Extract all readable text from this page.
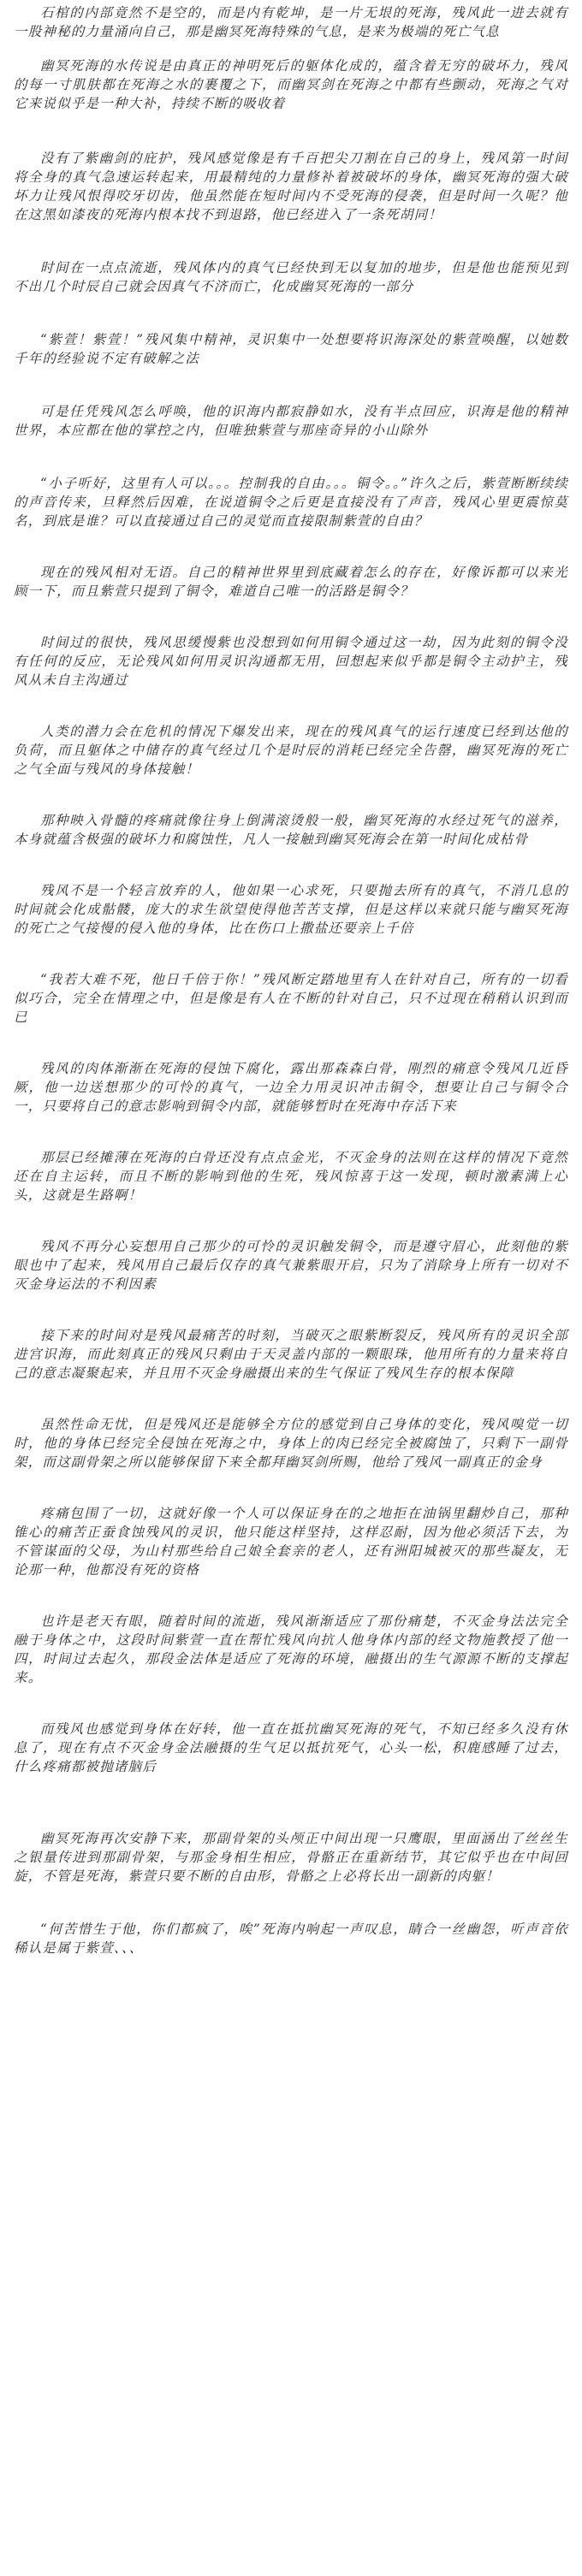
石棺的内部竟然不是空的，而是内有乾坤，是一片无垠的死海，残风此一进去就有一股神秘的力量涌向自己，那是幽冥死海特殊的气息，是来为极端的死亡气息

幽冥死海的水传说是由真正的神明死后的躯体化成的，蕴含着无穷的破坏力，残风的每一寸肌肤都在死海之水的裹覆之下，而幽冥剑在死海之中都有些颤动，死海之气对它来说似乎是一种大补，持续不断的吸收着

没有了紫幽剑的庇护，残风感觉像是有千百把尖刀割在自己的身上，残风第一时间将全身的真气急速运转起来，用最精纯的力量修补着被破坏的身体，幽冥死海的强大破坏力让残风恨得咬牙切齿，他虽然能在短时间内不受死海的侵袭，但是时间一久呢？他在这黑如漆夜的死海内根本找不到退路，他已经进入了一条死胡同！

时间在一点点流逝，残风体内的真气已经快到无以复加的地步，但是他也能预见到不出几个时辰自己就会因真气不济而亡，化成幽冥死海的一部分

“紫萱！紫萱！”残风集中精神，灵识集中一处想要将识海深处的紫萱唤醒，以她数千年的经验说不定有破解之法

可是任凭残风怎么呼唤，他的识海内都寂静如水，没有半点回应，识海是他的精神世界，本应都在他的掌控之内，但唯独紫萱与那座奇异的小山除外

“小子听好，这里有人可以。。。控制我的自由。。。铜令。。”许久之后，紫萱断断续续的声音传来，旦释然后因难，在说道铜令之后更是直接没有了声音，残风心里更震惊莫名，到底是谁？可以直接通过自己的灵觉而直接限制紫萱的自由？

现在的残风相对无语。自己的精神世界里到底藏着怎么的存在，好像诉都可以来光顾一下，而且紫萱只提到了铜令，难道自己唯一的活路是铜令？

时间过的很快，残风思缓慢紫也没想到如何用铜令通过这一劫，因为此刻的铜令没有任何的反应，无论残风如何用灵识沟通都无用，回想起来似乎都是铜令主动护主，残风从未自主沟通过

人类的潜力会在危机的情况下爆发出来，现在的残风真气的运行速度已经到达他的负荷，而且躯体之中储存的真气经过几个是时辰的消耗已经完全告罄，幽冥死海的死亡之气全面与残风的身体接触！

那种映入骨髓的疼痛就像往身上倒满滚烫般一般，幽冥死海的水经过死气的滋养，本身就蕴含极强的破坏力和腐蚀性，凡人一接触到幽冥死海会在第一时间化成枯骨

残风不是一个轻言放弃的人，他如果一心求死，只要抛去所有的真气，不消几息的时间就会化成骷髅，庞大的求生欲望使得他苦苦支撑，但是这样以来就只能与幽冥死海的死亡之气接慢的侵入他的身体，比在伤口上撒盐还要亲上千倍

“我若大难不死，他日千倍于你！”残风断定踏地里有人在针对自己，所有的一切看似巧合，完全在情理之中，但是像是有人在不断的针对自己，只不过现在稍稍认识到而已

残风的肉体渐渐在死海的侵蚀下腐化，露出那森森白骨，刚烈的痛意令残风几近昏厥，他一边送想那少的可怜的真气，一边全力用灵识冲击铜令，想要让自己与铜令合一，只要将自己的意志影响到铜令内部，就能够暂时在死海中存活下来

那层已经摊薄在死海的白骨还没有点点金光，不灭金身的法则在这样的情况下竟然还在自主运转，而且不断的影响到他的生死，残风惊喜于这一发现，顿时激素满上心头，这就是生路啊！

残风不再分心妄想用自己那少的可怜的灵识触发铜令，而是遵守眉心，此刻他的紫眼也中了起来，残风用自己最后仅存的真气兼紫眼开启，只为了消除身上所有一切对不灭金身运法的不利因素

接下来的时间对是残风最痛苦的时刻，当破灭之眼紫断裂反，残风所有的灵识全部进宫识海，而此刻真正的残风只剩由于天灵盖内部的一颗眼珠，他用所有的力量来将自己的意志凝聚起来，并且用不灭金身融摄出来的生气保证了残风生存的根本保障

虽然性命无忧，但是残风还是能够全方位的感觉到自己身体的变化，残风嗅觉一切时，他的身体已经完全侵蚀在死海之中，身体上的肉已经完全被腐蚀了，只剩下一副骨架，而这副骨架之所以能够保留下来全都拜幽冥剑所赐，他给了残风一副真正的金身

疼痛包围了一切，这就好像一个人可以保证身在的之地拒在油锅里翻炒自己，那种锥心的痛苦正蚕食蚀残风的灵识，他只能这样坚持，这样忍耐，因为他必须活下去，为不管谋面的父母，为山村那些给自己娘全套亲的老人，还有洲阳城被灭的那些凝友，无论那一种，他都没有死的资格

也许是老天有眼，随着时间的流逝，残风渐渐适应了那份痛楚，不灭金身法法完全融于身体之中，这段时间紫萱一直在帮忙残风向抗人他身体内部的经文物施教授了他一四，时间过去起久，那段金法体是适应了死海的环境，融摄出的生气源源不断的支撑起来。

而残风也感觉到身体在好转，他一直在抵抗幽冥死海的死气，不知已经多久没有休息了，现在有点不灭金身金法融摄的生气足以抵抗死气，心头一松，积鹿感睡了过去，什么疼痛都被抛诸脑后

幽冥死海再次安静下来，那副骨架的头颅正中间出现一只鹰眼，里面涵出了丝丝生之银量传进到那副骨架，与那金身相生相应，骨骼正在重新结节，其它似乎也在中间回旋，不管是死海，紫萱只要不断的自由形，骨骼之上必将长出一副新的肉躯！

“何苦惜生于他，你们都疯了，唉”死海内响起一声叹息，睛合一丝幽怨，听声音依稀认是属于紫萱、、、
